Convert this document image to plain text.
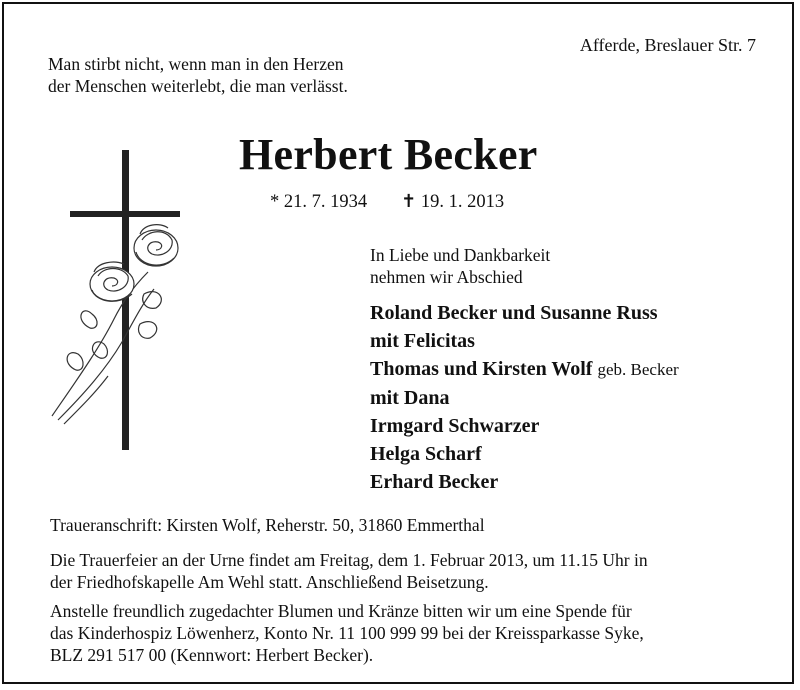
Afferde, Breslauer Str. 7
Man stirbt nicht, wenn man in den Herzen
der Menschen weiterlebt, die man verlässt.
Herbert Becker
* 21. 7. 1934 ✝ 19. 1. 2013
In Liebe und Dankbarkeit
nehmen wir Abschied
Roland Becker und Susanne Russ
mit Felicitas
Thomas und Kirsten Wolf geb. Becker
mit Dana
Irmgard Schwarzer
Helga Scharf
Erhard Becker
Traueranschrift: Kirsten Wolf, Reherstr. 50, 31860 Emmerthal
Die Trauerfeier an der Urne findet am Freitag, dem 1. Februar 2013, um 11.15 Uhr in
der Friedhofskapelle Am Wehl statt. Anschließend Beisetzung.
Anstelle freundlich zugedachter Blumen und Kränze bitten wir um eine Spende für
das Kinderhospiz Löwenherz, Konto Nr. 11 100 999 99 bei der Kreissparkasse Syke,
BLZ 291 517 00 (Kennwort: Herbert Becker).
